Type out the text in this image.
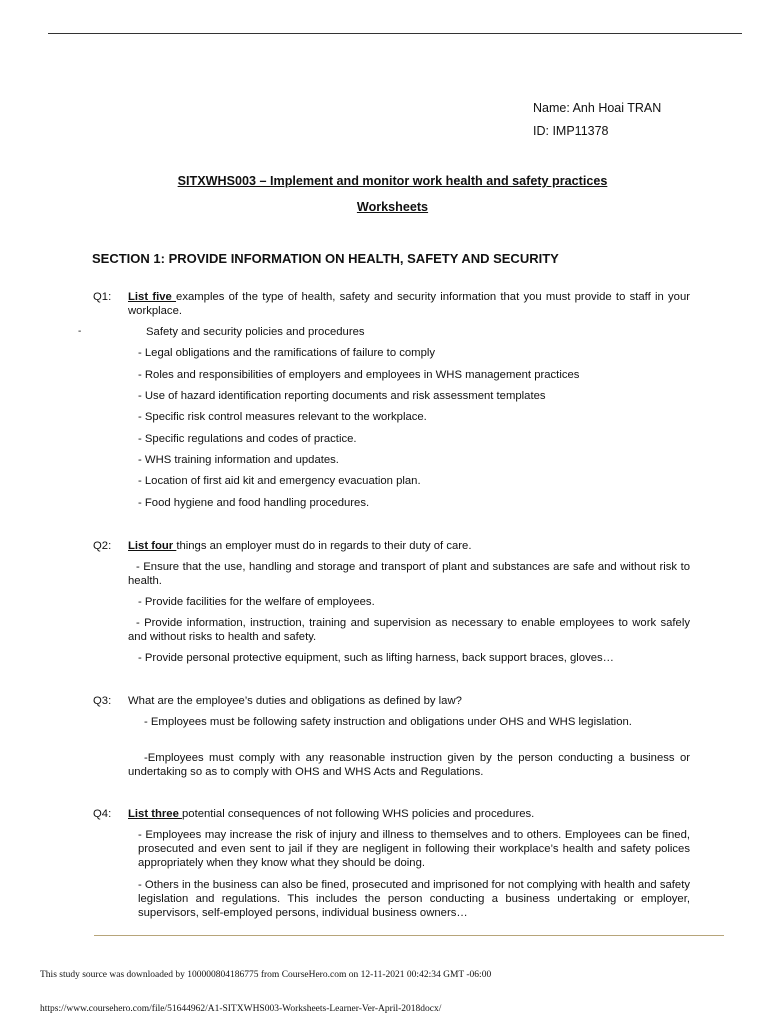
Name: Anh Hoai TRAN
ID: IMP11378
SITXWHS003 – Implement and monitor work health and safety practices
Worksheets
SECTION 1: PROVIDE INFORMATION ON HEALTH, SAFETY AND SECURITY
Q1: List five examples of the type of health, safety and security information that you must provide to staff in your workplace.
-	Safety and security policies and procedures
- Legal obligations and the ramifications of failure to comply
- Roles and responsibilities of employers and employees in WHS management practices
- Use of hazard identification reporting documents and risk assessment templates
- Specific risk control measures relevant to the workplace.
- Specific regulations and codes of practice.
- WHS training information and updates.
- Location of first aid kit and emergency evacuation plan.
- Food hygiene and food handling procedures.
Q2: List four things an employer must do in regards to their duty of care.
- Ensure that the use, handling and storage and transport of plant and substances are safe and without risk to health.
- Provide facilities for the welfare of employees.
- Provide information, instruction, training and supervision as necessary to enable employees to work safely and without risks to health and safety.
- Provide personal protective equipment, such as lifting harness, back support braces, gloves…
Q3: What are the employee’s duties and obligations as defined by law?
- Employees must be following safety instruction and obligations under OHS and WHS legislation.
-Employees must comply with any reasonable instruction given by the person conducting a business or undertaking so as to comply with OHS and WHS Acts and Regulations.
Q4: List three potential consequences of not following WHS policies and procedures.
- Employees may increase the risk of injury and illness to themselves and to others. Employees can be fined, prosecuted and even sent to jail if they are negligent in following their workplace’s health and safety polices appropriately when they know what they should be doing.
- Others in the business can also be fined, prosecuted and imprisoned for not complying with health and safety legislation and regulations. This includes the person conducting a business undertaking or employer, supervisors, self-employed persons, individual business owners…
This study source was downloaded by 100000804186775 from CourseHero.com on 12-11-2021 00:42:34 GMT -06:00
https://www.coursehero.com/file/51644962/A1-SITXWHS003-Worksheets-Learner-Ver-April-2018docx/
